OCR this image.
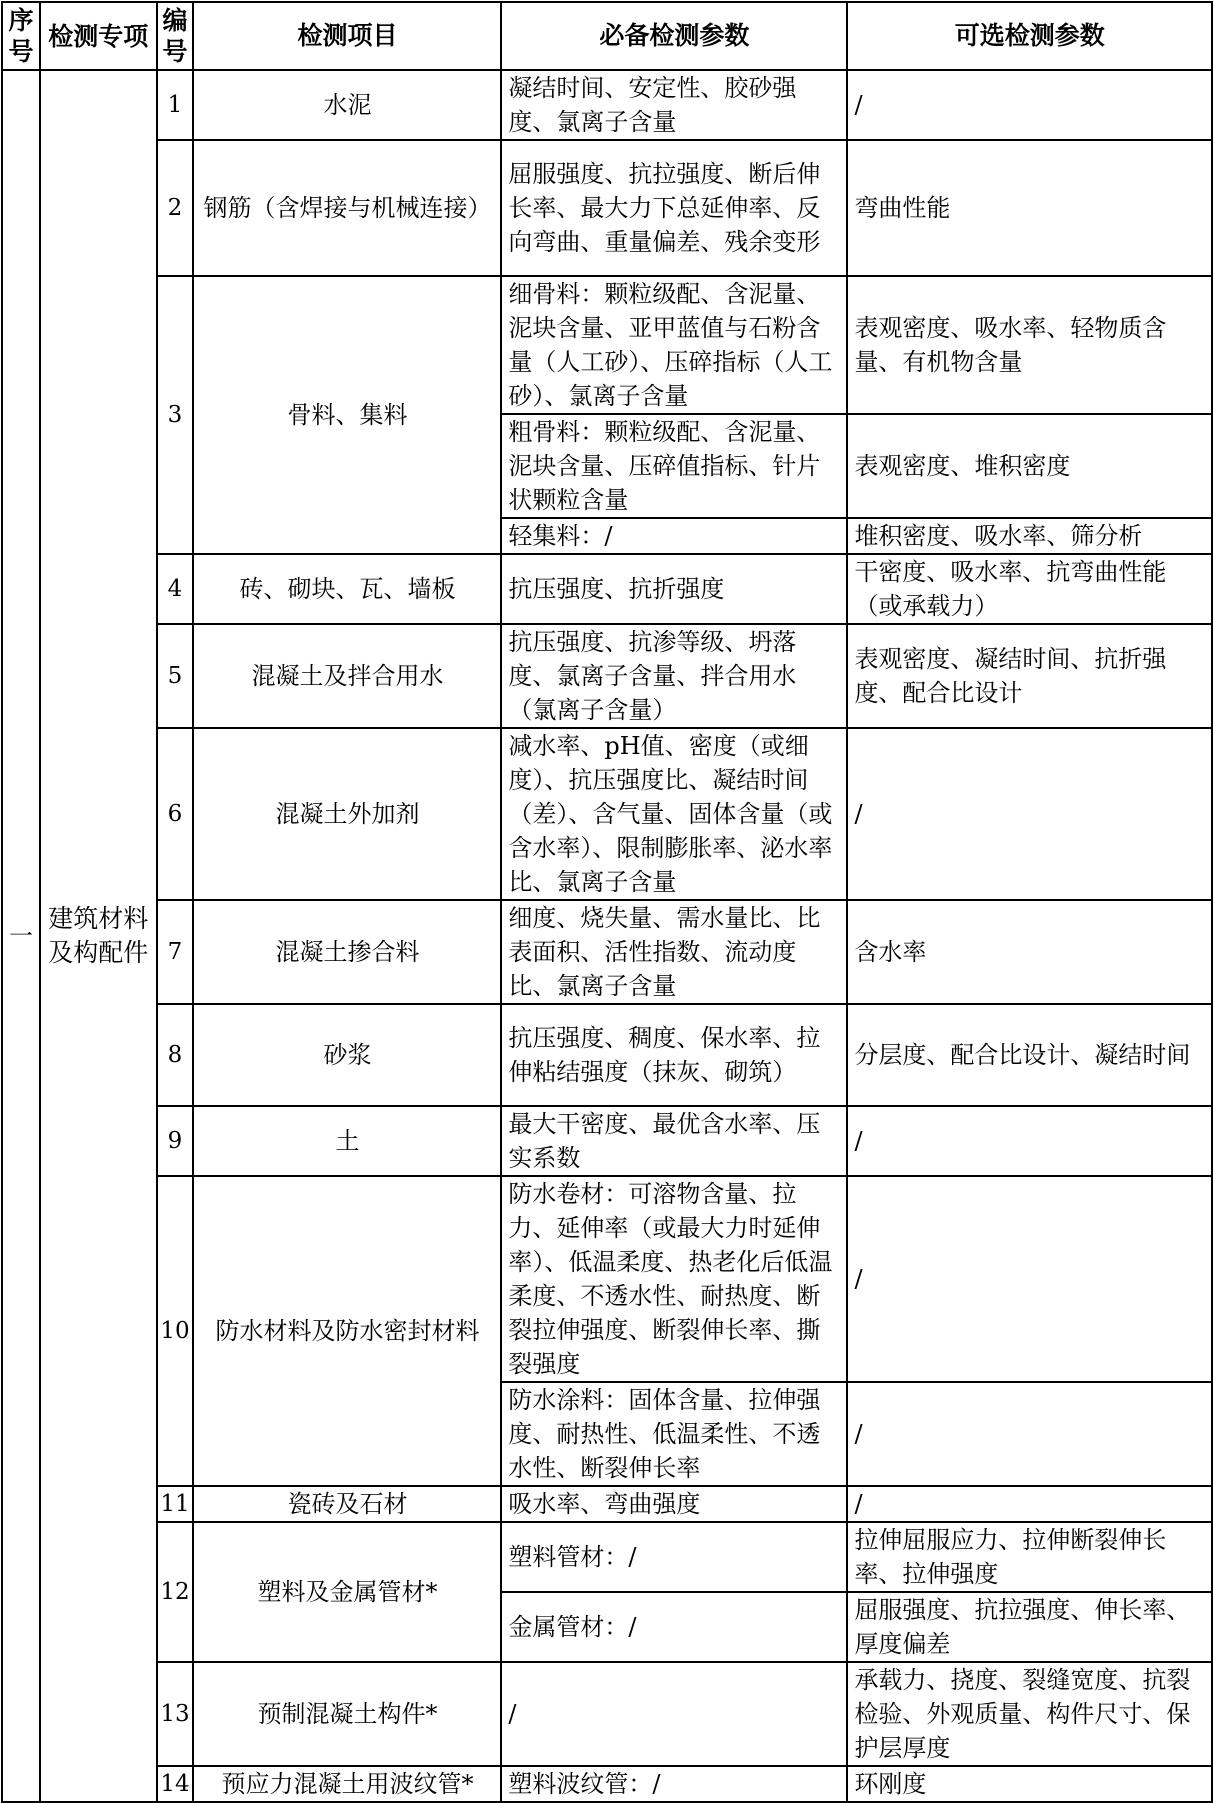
序号	检测专项	编号	检测项目	必备检测参数	可选检测参数
一	建筑材料及构配件	1	水泥	凝结时间、安定性、胶砂强度、氯离子含量	/
		2	钢筋（含焊接与机械连接）	屈服强度、抗拉强度、断后伸长率、最大力下总延伸率、反向弯曲、重量偏差、残余变形	弯曲性能
		3	骨料、集料	细骨料：颗粒级配、含泥量、泥块含量、亚甲蓝值与石粉含量（人工砂）、压碎指标（人工砂）、氯离子含量	表观密度、吸水率、轻物质含量、有机物含量
				粗骨料：颗粒级配、含泥量、泥块含量、压碎值指标、针片状颗粒含量	表观密度、堆积密度
				轻集料：/	堆积密度、吸水率、筛分析
		4	砖、砌块、瓦、墙板	抗压强度、抗折强度	干密度、吸水率、抗弯曲性能（或承载力）
		5	混凝土及拌合用水	抗压强度、抗渗等级、坍落度、氯离子含量、拌合用水（氯离子含量）	表观密度、凝结时间、抗折强度、配合比设计
		6	混凝土外加剂	减水率、pH值、密度（或细度）、抗压强度比、凝结时间（差）、含气量、固体含量（或含水率）、限制膨胀率、泌水率比、氯离子含量	/
		7	混凝土掺合料	细度、烧失量、需水量比、比表面积、活性指数、流动度比、氯离子含量	含水率
		8	砂浆	抗压强度、稠度、保水率、拉伸粘结强度（抹灰、砌筑）	分层度、配合比设计、凝结时间
		9	土	最大干密度、最优含水率、压实系数	/
		10	防水材料及防水密封材料	防水卷材：可溶物含量、拉力、延伸率（或最大力时延伸率）、低温柔度、热老化后低温柔度、不透水性、耐热度、断裂拉伸强度、断裂伸长率、撕裂强度	/
				防水涂料：固体含量、拉伸强度、耐热性、低温柔性、不透水性、断裂伸长率	/
		11	瓷砖及石材	吸水率、弯曲强度	/
		12	塑料及金属管材*	塑料管材：/	拉伸屈服应力、拉伸断裂伸长率、拉伸强度
				金属管材：/	屈服强度、抗拉强度、伸长率、厚度偏差
		13	预制混凝土构件*	/	承载力、挠度、裂缝宽度、抗裂检验、外观质量、构件尺寸、保护层厚度
		14	预应力混凝土用波纹管*	塑料波纹管：/	环刚度
